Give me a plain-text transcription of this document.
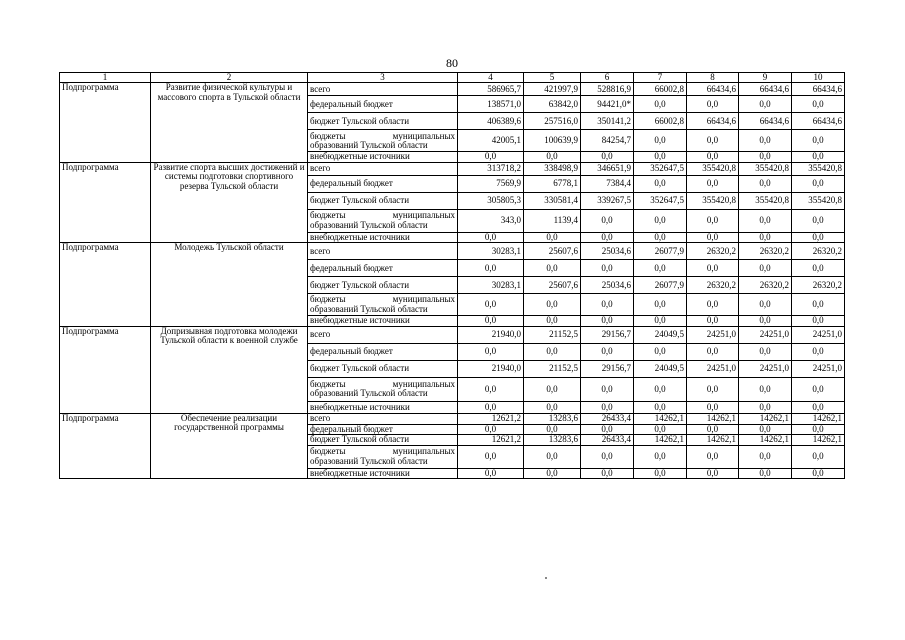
80
1	2	3	4	5	6	7	8	9	10
Подпрограмма	Развитие физической культуры и массового спорта в Тульской области	всего	586965,7	421997,9	528816,9	66002,8	66434,6	66434,6	66434,6
		федеральный бюджет	138571,0	63842,0	94421,0*	0,0	0,0	0,0	0,0
		бюджет Тульской области	406389,6	257516,0	350141,2	66002,8	66434,6	66434,6	66434,6

		бюджеты муниципальных
образований Тульской области	42005,1	100639,9	84254,7	0,0	0,0	0,0	0,0
		внебюджетные источники	0,0	0,0	0,0	0,0	0,0	0,0	0,0
Подпрограмма	Развитие спорта высших достижений и системы подготовки спортивного резерва Тульской области	всего	313718,2	338498,9	346651,9	352647,5	355420,8	355420,8	355420,8
		федеральный бюджет	7569,9	6778,1	7384,4	0,0	0,0	0,0	0,0
		бюджет Тульской области	305805,3	330581,4	339267,5	352647,5	355420,8	355420,8	355420,8

		бюджеты муниципальных
образований Тульской области	343,0	1139,4	0,0	0,0	0,0	0,0	0,0
		внебюджетные источники	0,0	0,0	0,0	0,0	0,0	0,0	0,0
Подпрограмма	Молодежь Тульской области	всего	30283,1	25607,6	25034,6	26077,9	26320,2	26320,2	26320,2
		федеральный бюджет	0,0	0,0	0,0	0,0	0,0	0,0	0,0
		бюджет Тульской области	30283,1	25607,6	25034,6	26077,9	26320,2	26320,2	26320,2

		бюджеты муниципальных
образований Тульской области	0,0	0,0	0,0	0,0	0,0	0,0	0,0
		внебюджетные источники	0,0	0,0	0,0	0,0	0,0	0,0	0,0
Подпрограмма	Допризывная подготовка молодежи Тульской области к военной службе	всего	21940,0	21152,5	29156,7	24049,5	24251,0	24251,0	24251,0
		федеральный бюджет	0,0	0,0	0,0	0,0	0,0	0,0	0,0
		бюджет Тульской области	21940,0	21152,5	29156,7	24049,5	24251,0	24251,0	24251,0

		бюджеты муниципальных
образований Тульской области	0,0	0,0	0,0	0,0	0,0	0,0	0,0
		внебюджетные источники	0,0	0,0	0,0	0,0	0,0	0,0	0,0
Подпрограмма	Обеспечение реализации государственной программы	всего	12621,2	13283,6	26433,4	14262,1	14262,1	14262,1	14262,1
		федеральный бюджет	0,0	0,0	0,0	0,0	0,0	0,0	0,0
		бюджет Тульской области	12621,2	13283,6	26433,4	14262,1	14262,1	14262,1	14262,1

		бюджеты муниципальных
образований Тульской области	0,0	0,0	0,0	0,0	0,0	0,0	0,0
		внебюджетные источники	0,0	0,0	0,0	0,0	0,0	0,0	0,0
